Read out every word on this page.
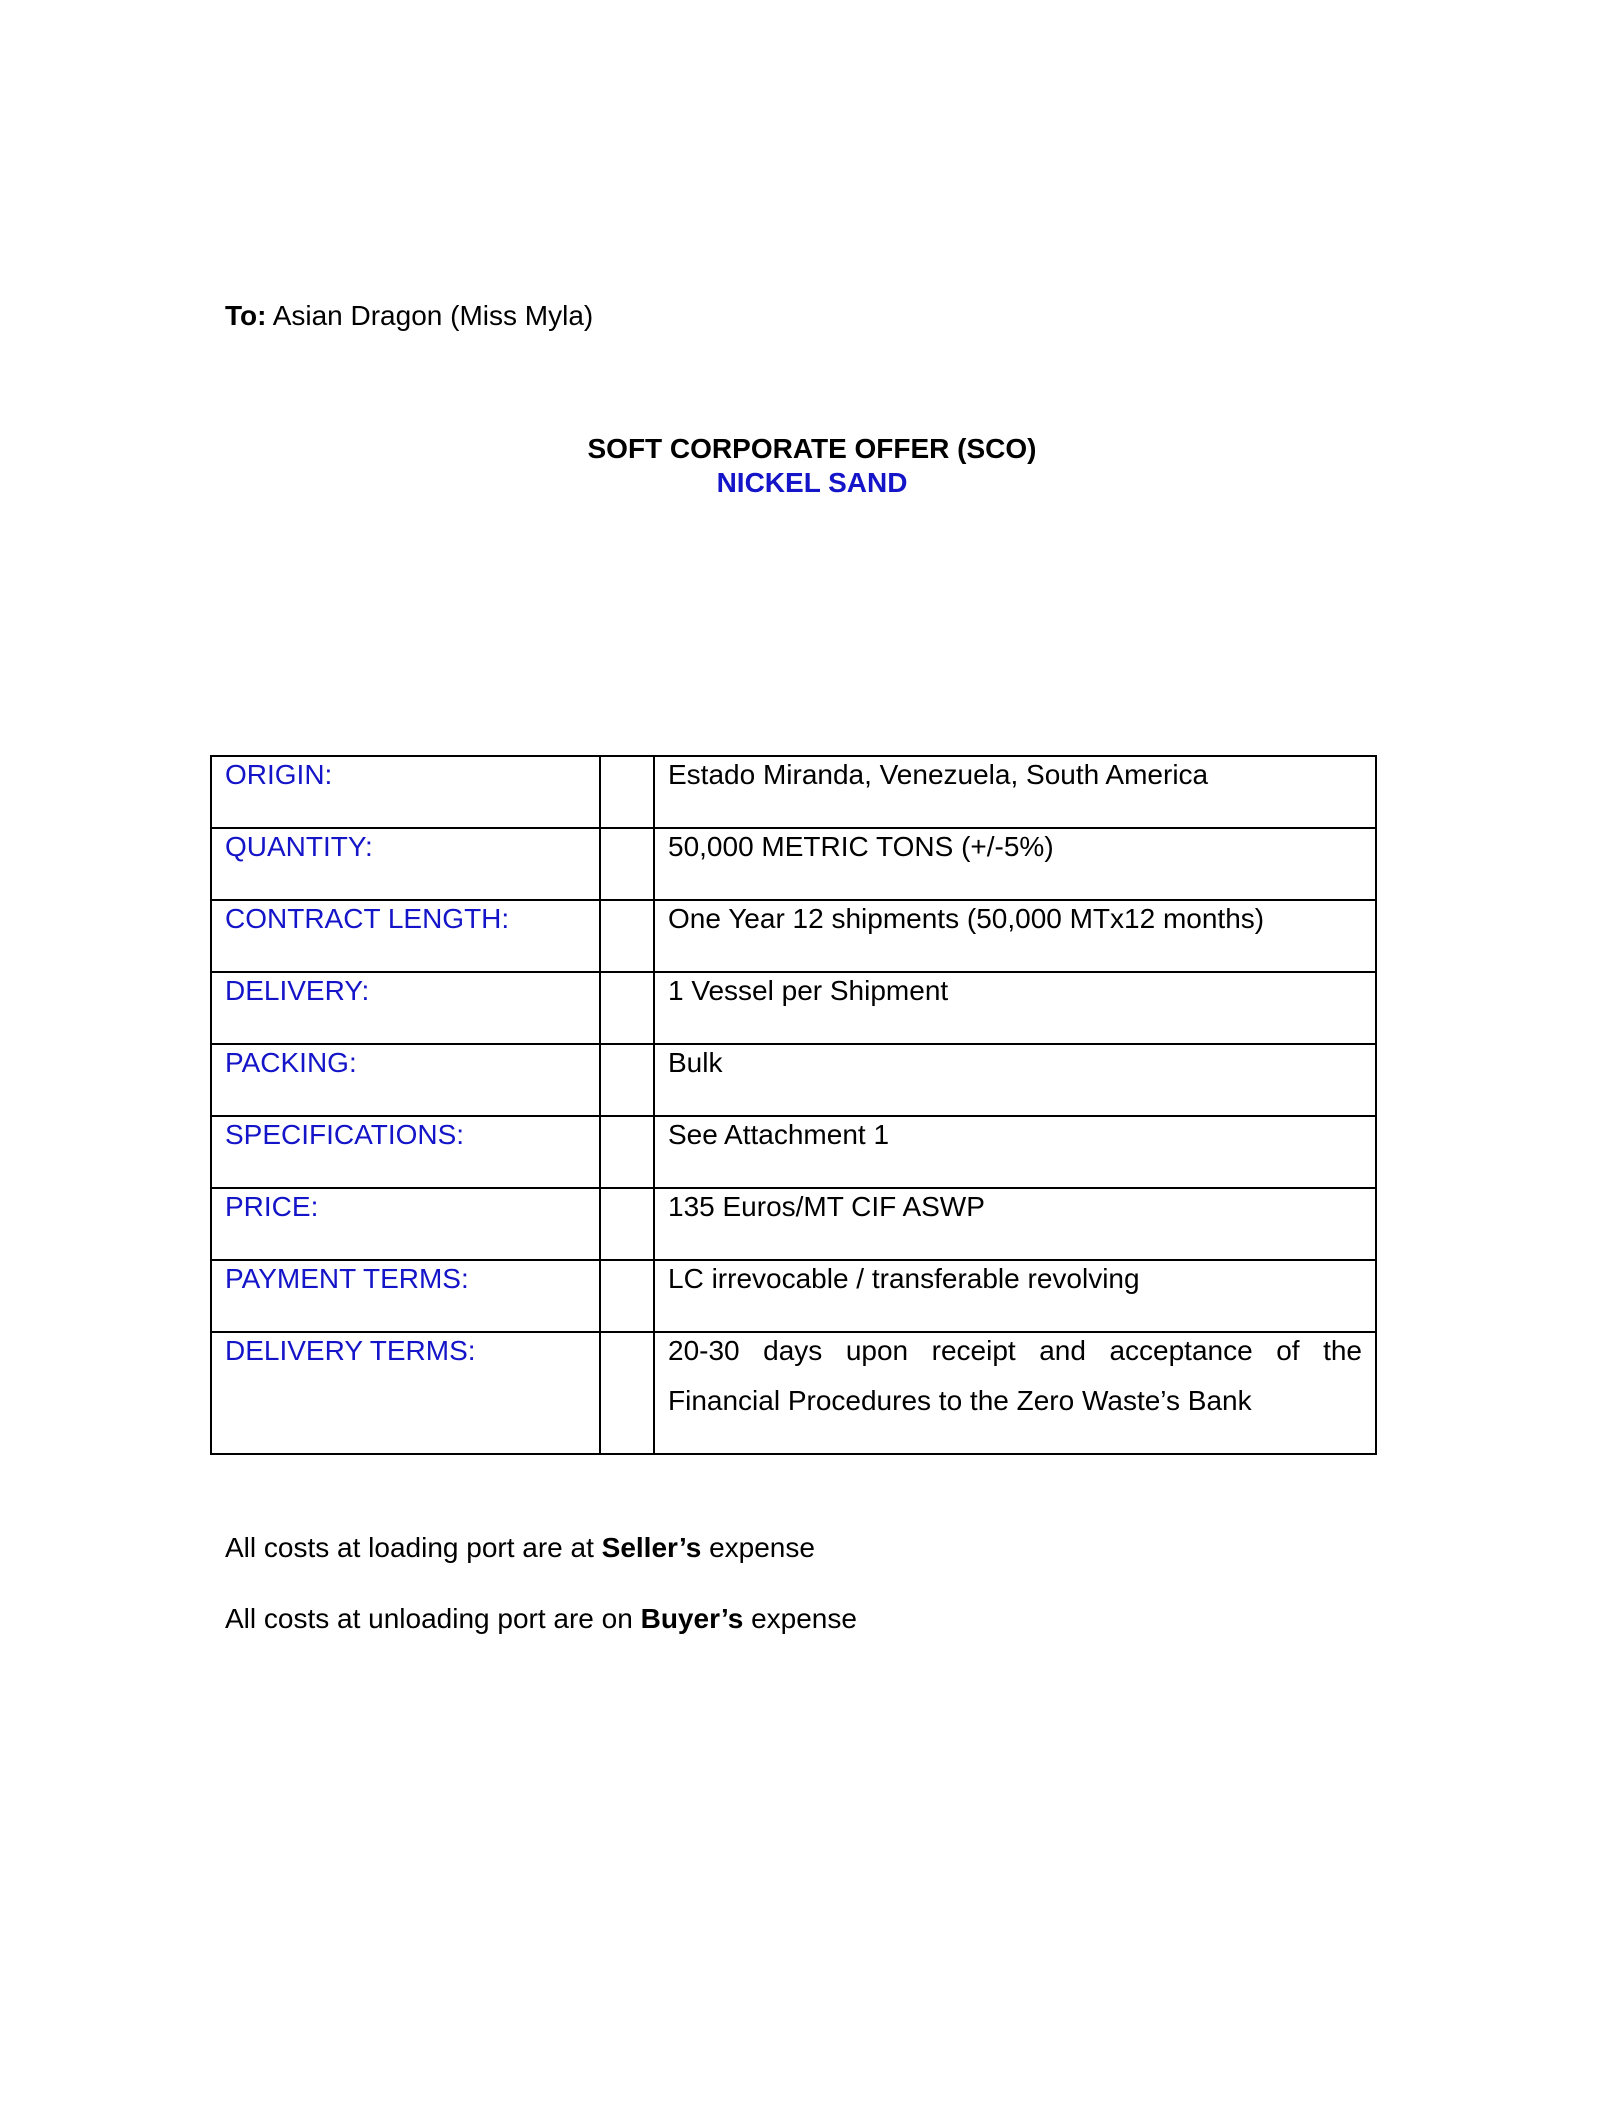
To: Asian Dragon (Miss Myla)
SOFT CORPORATE OFFER (SCO)
NICKEL SAND
ORIGIN:		Estado Miranda, Venezuela, South America

QUANTITY:		50,000 METRIC TONS (+/-5%)

CONTRACT LENGTH:		One Year 12 shipments (50,000 MTx12 months)

DELIVERY:		1 Vessel per Shipment

PACKING:		Bulk

SPECIFICATIONS:		See Attachment 1

PRICE:		135 Euros/MT CIF ASWP

PAYMENT TERMS:		LC irrevocable / transferable revolving

DELIVERY TERMS:		20-30 days upon receipt and acceptance of the Financial Procedures to the Zero Waste’s Bank
All costs at loading port are at Seller’s expense
All costs at unloading port are on Buyer’s expense
